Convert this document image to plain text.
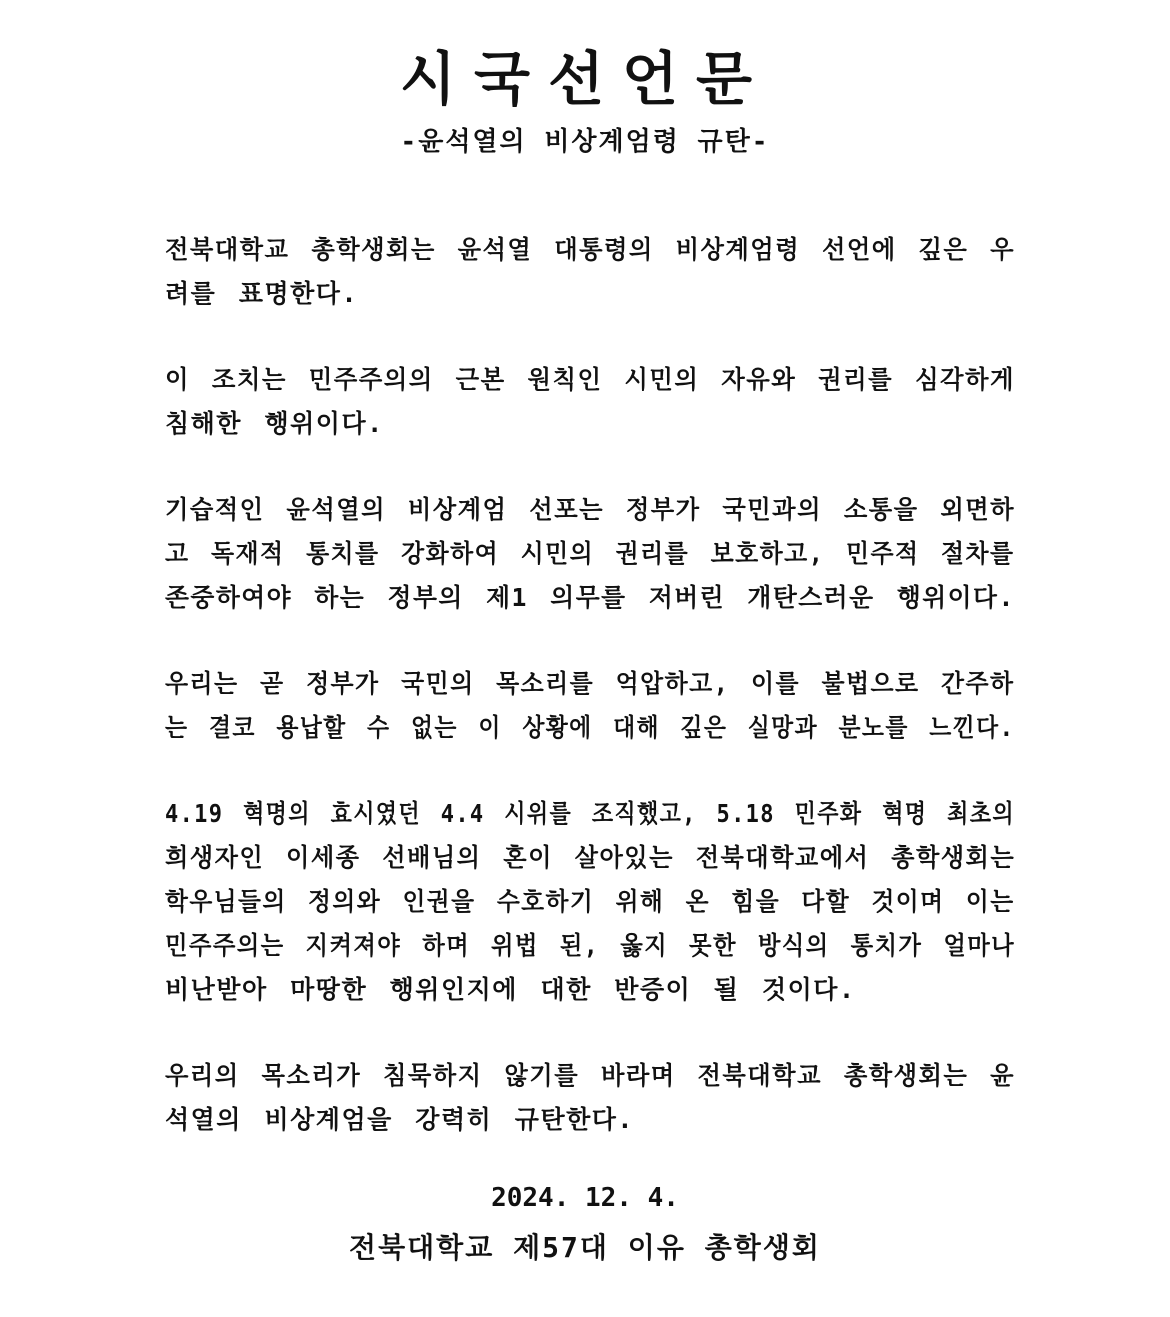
시국선언문
-윤석열의 비상계엄령 규탄-

전북대학교 총학생회는 윤석열 대통령의 비상계엄령 선언에 깊은 우
려를 표명한다.

이 조치는 민주주의의 근본 원칙인 시민의 자유와 권리를 심각하게
침해한 행위이다.

기습적인 윤석열의 비상계엄 선포는 정부가 국민과의 소통을 외면하 고 독재적 통치를 강화하여 시민의 권리를 보호하고, 민주적 절차를 존중하여야 하는 정부의 제1 의무를 저버린 개탄스러운 행위이다.

우리는 곧 정부가 국민의 목소리를 억압하고, 이를 불법으로 간주하 는 결코 용납할 수 없는 이 상황에 대해 깊은 실망과 분노를 느낀다.

4.19 혁명의 효시였던 4.4 시위를 조직했고, 5.18 민주화 혁명 최초의 희생자인 이세종 선배님의 혼이 살아있는 전북대학교에서 총학생회는 학우님들의 정의와 인권을 수호하기 위해 온 힘을 다할 것이며 이는 민주주의는 지켜져야 하며 위법 된, 옳지 못한 방식의 통치가 얼마나
비난받아 마땅한 행위인지에 대한 반증이 될 것이다.

우리의 목소리가 침묵하지 않기를 바라며 전북대학교 총학생회는 윤
석열의 비상계엄을 강력히 규탄한다.

2024. 12. 4.
전북대학교 제57대 이유 총학생회
